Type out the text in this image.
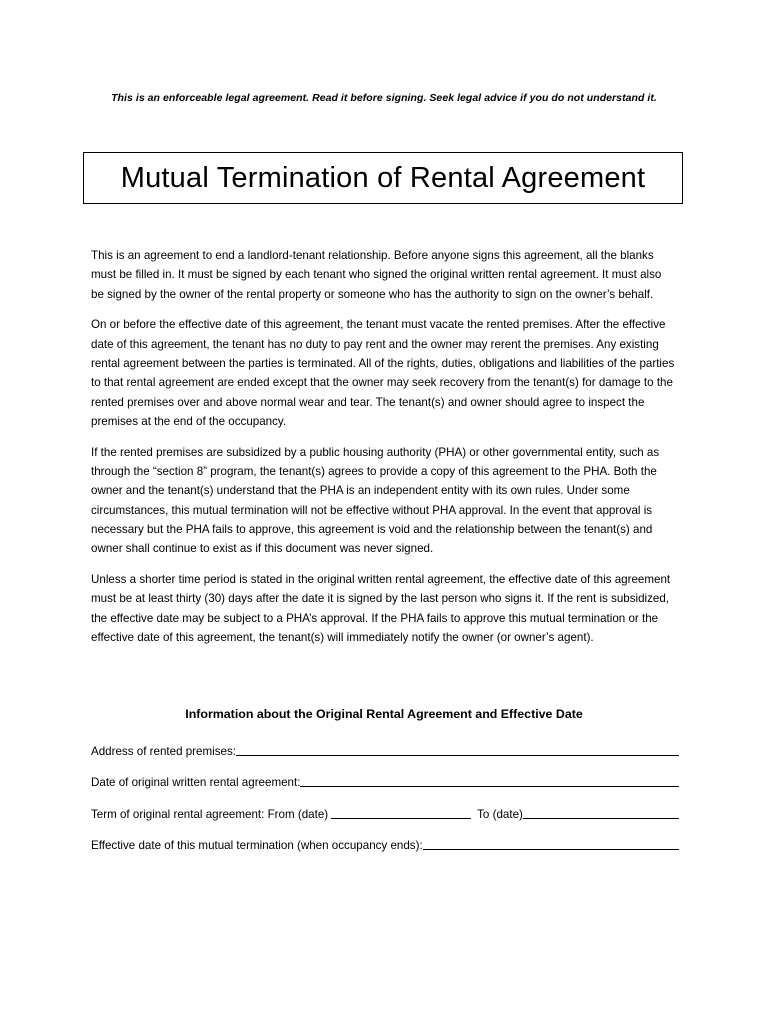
This is an enforceable legal agreement. Read it before signing. Seek legal advice if you do not understand it.
Mutual Termination of Rental Agreement

This is an agreement to end a landlord-tenant relationship. Before anyone signs this agreement, all the blanks must be filled in. It must be signed by each tenant who signed the original written rental agreement. It must also be signed by the owner of the rental property or someone who has the authority to sign on the owner’s behalf.

On or before the effective date of this agreement, the tenant must vacate the rented premises. After the effective date of this agreement, the tenant has no duty to pay rent and the owner may rerent the premises. Any existing rental agreement between the parties is terminated. All of the rights, duties, obligations and liabilities of the parties to that rental agreement are ended except that the owner may seek recovery from the tenant(s) for damage to the rented premises over and above normal wear and tear. The tenant(s) and owner should agree to inspect the premises at the end of the occupancy.

If the rented premises are subsidized by a public housing authority (PHA) or other governmental entity, such as through the “section 8” program, the tenant(s) agrees to provide a copy of this agreement to the PHA. Both the owner and the tenant(s) understand that the PHA is an independent entity with its own rules. Under some circumstances, this mutual termination will not be effective without PHA approval. In the event that approval is necessary but the PHA fails to approve, this agreement is void and the relationship between the tenant(s) and owner shall continue to exist as if this document was never signed.

Unless a shorter time period is stated in the original written rental agreement, the effective date of this agreement must be at least thirty (30) days after the date it is signed by the last person who signs it. If the rent is subsidized, the effective date may be subject to a PHA’s approval. If the PHA fails to approve this mutual termination or the effective date of this agreement, the tenant(s) will immediately notify the owner (or owner’s agent).

Information about the Original Rental Agreement and Effective Date
Address of rented premises:
Date of original written rental agreement:
Term of original rental agreement: From (date)	To (date)
Effective date of this mutual termination (when occupancy ends):
